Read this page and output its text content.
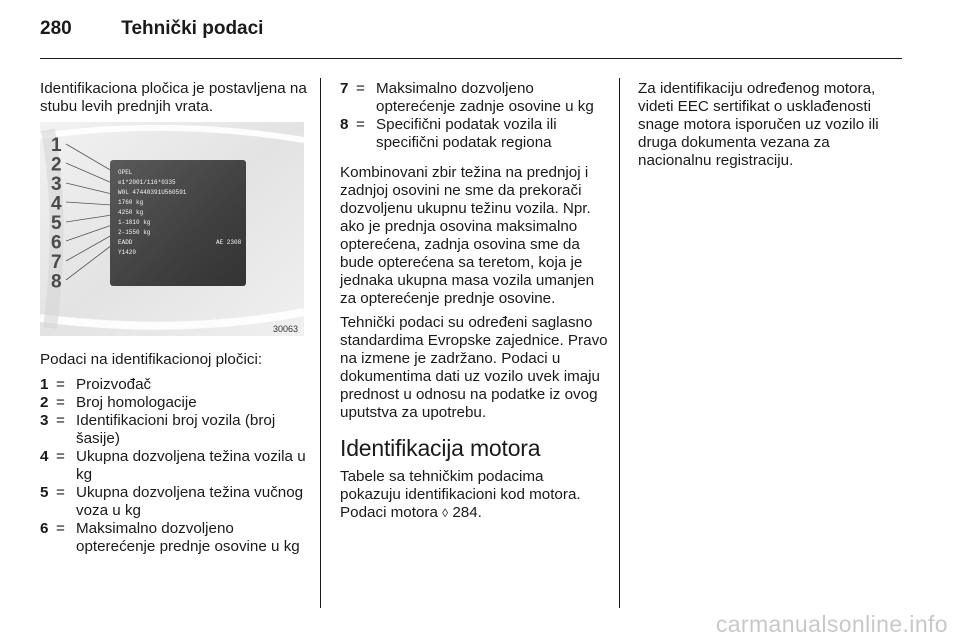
280	Tehnički podaci

Identifikaciona pločica je postavljena na stubu levih prednjih vrata.

OPEL
e1*2001/116*0335
W0L 47440391U560591
1760 kg
4250 kg
1-1810 kg
2-1550 kg
EADD
Y1420
AE 2308
1
2
3
4
5
6
7
8
30063

Podaci na identifikacionoj pločici:

1 = Proizvođač
2 = Broj homologacije
3 = Identifikacioni broj vozila (broj šasije)
4 = Ukupna dozvoljena težina vozila u kg
5 = Ukupna dozvoljena težina vučnog voza u kg
6 = Maksimalno dozvoljeno opterećenje prednje osovine u kg
7 = Maksimalno dozvoljeno opterećenje zadnje osovine u kg
8 = Specifični podatak vozila ili specifični podatak regiona

Kombinovani zbir težina na prednjoj i zadnjoj osovini ne sme da prekorači dozvoljenu ukupnu težinu vozila. Npr. ako je prednja osovina maksimalno opterećena, zadnja osovina sme da bude opterećena sa teretom, koja je jednaka ukupna masa vozila umanjen za opterećenje prednje osovine.

Tehnički podaci su određeni saglasno standardima Evropske zajednice. Pravo na izmene je zadržano. Podaci u dokumentima dati uz vozilo uvek imaju prednost u odnosu na podatke iz ovog uputstva za upotrebu.

Identifikacija motora

Tabele sa tehničkim podacima pokazuju identifikacioni kod motora. Podaci motora ◊ 284.

Za identifikaciju određenog motora, videti EEC sertifikat o usklađenosti snage motora isporučen uz vozilo ili druga dokumenta vezana za nacionalnu registraciju.

carmanualsonline.info
